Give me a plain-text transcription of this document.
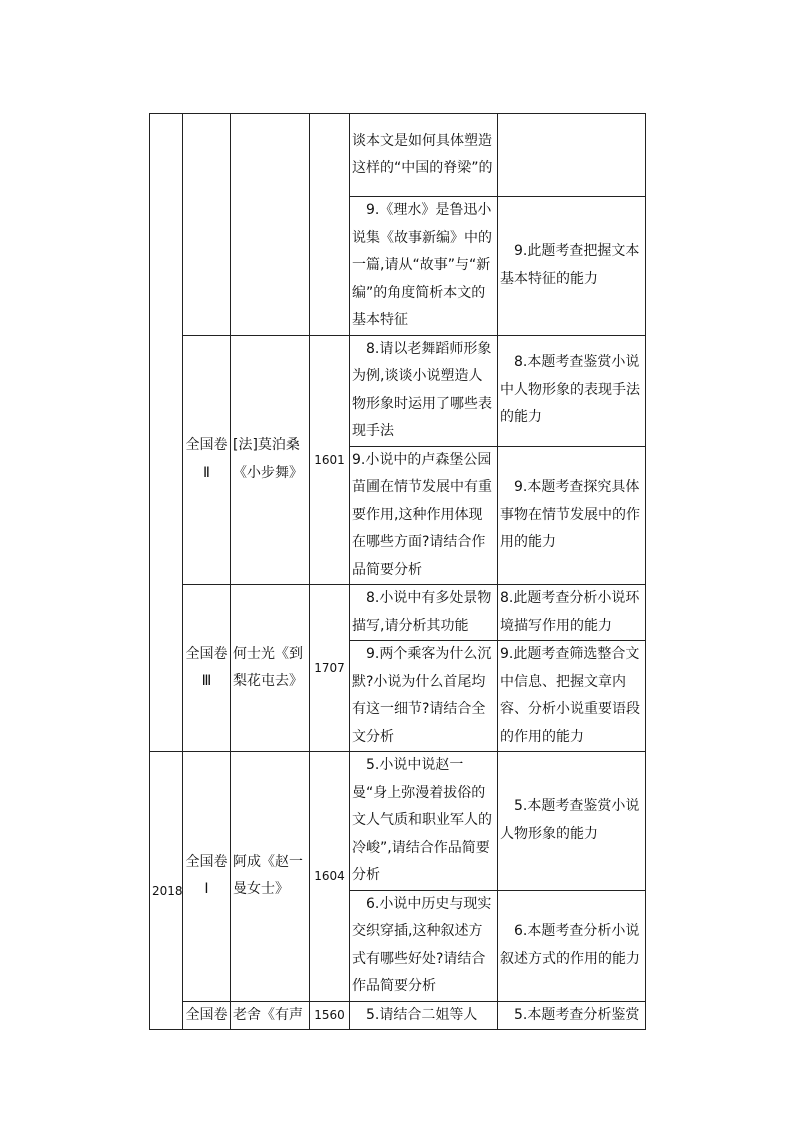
				谈本文是如何具体塑造这样的“中国的脊梁”的	
				9.《理水》是鲁迅小说集《故事新编》中的一篇,请从“故事”与“新编”的角度简析本文的基本特征	9.此题考查把握文本基本特征的能力
	全国卷Ⅱ	[法]莫泊桑《小步舞》	1601	8.请以老舞蹈师形象为例,谈谈小说塑造人物形象时运用了哪些表现手法	8.本题考查鉴赏小说中人物形象的表现手法的能力
				9.小说中的卢森堡公园苗圃在情节发展中有重要作用,这种作用体现在哪些方面?请结合作品简要分析	9.本题考查探究具体事物在情节发展中的作用的能力
	全国卷Ⅲ	何士光《到梨花屯去》	1707	8.小说中有多处景物描写,请分析其功能	8.此题考查分析小说环境描写作用的能力
				9.两个乘客为什么沉默?小说为什么首尾均有这一细节?请结合全文分析	9.此题考查筛选整合文中信息、把握文章内容、分析小说重要语段的作用的能力
2018	全国卷Ⅰ	阿成《赵一曼女士》	1604	5.小说中说赵一曼“身上弥漫着拔俗的文人气质和职业军人的冷峻”,请结合作品简要分析	5.本题考查鉴赏小说人物形象的能力
				6.小说中历史与现实交织穿插,这种叙述方式有哪些好处?请结合作品简要分析	6.本题考查分析小说叙述方式的作用的能力
	全国卷	老舍《有声	1560	5.请结合二姐等人	5.本题考查分析鉴赏
